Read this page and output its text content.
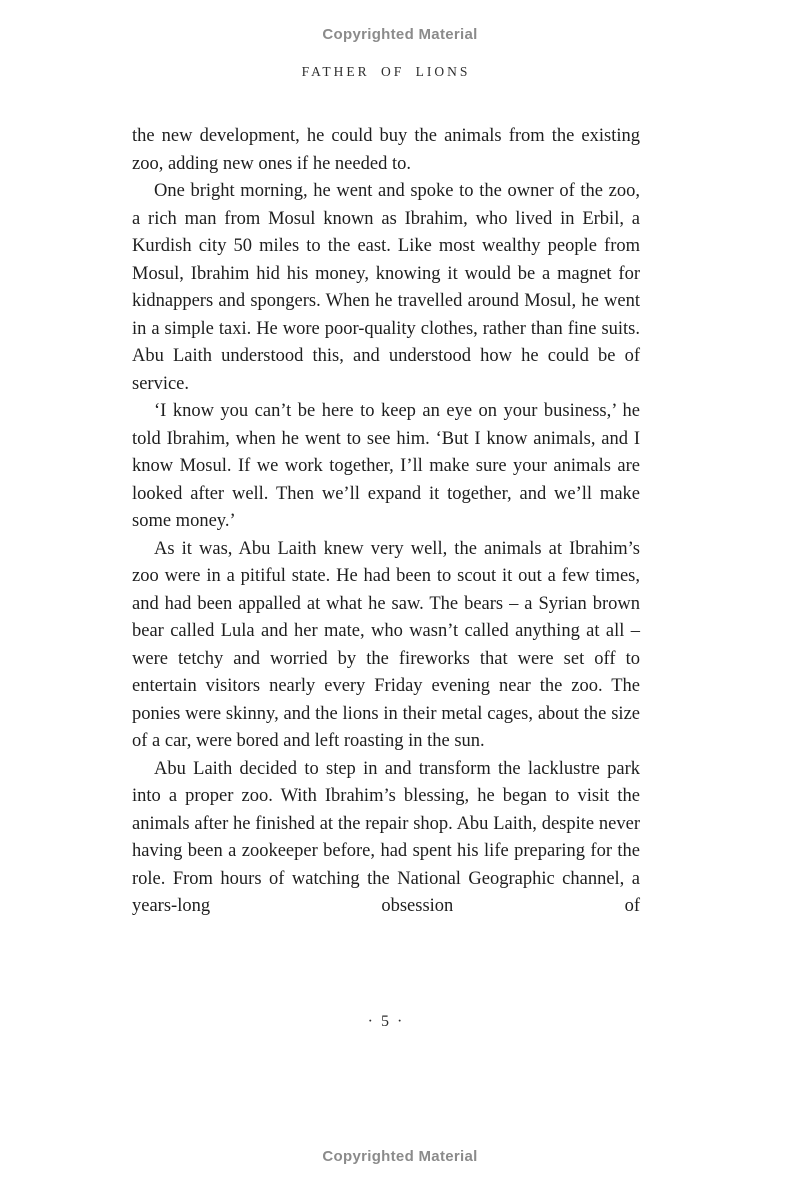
Copyrighted Material
FATHER OF LIONS

the new development, he could buy the animals from the existing zoo, adding new ones if he needed to.

One bright morning, he went and spoke to the owner of the zoo, a rich man from Mosul known as Ibrahim, who lived in Erbil, a Kurdish city 50 miles to the east. Like most wealthy people from Mosul, Ibrahim hid his money, knowing it would be a magnet for kidnappers and spongers. When he travelled around Mosul, he went in a simple taxi. He wore poor-quality clothes, rather than fine suits. Abu Laith understood this, and understood how he could be of service.

‘I know you can’t be here to keep an eye on your business,’ he told Ibrahim, when he went to see him. ‘But I know animals, and I know Mosul. If we work together, I’ll make sure your animals are looked after well. Then we’ll expand it together, and we’ll make some money.’

As it was, Abu Laith knew very well, the animals at Ibrahim’s zoo were in a pitiful state. He had been to scout it out a few times, and had been appalled at what he saw. The bears – a Syrian brown bear called Lula and her mate, who wasn’t called anything at all – were tetchy and worried by the fireworks that were set off to entertain visitors nearly every Friday evening near the zoo. The ponies were skinny, and the lions in their metal cages, about the size of a car, were bored and left roasting in the sun.

Abu Laith decided to step in and transform the lacklustre park into a proper zoo. With Ibrahim’s blessing, he began to visit the animals after he finished at the repair shop. Abu Laith, despite never having been a zookeeper before, had spent his life preparing for the role. From hours of watching the National Geographic channel, a years-long obsession of

· 5 ·
Copyrighted Material
